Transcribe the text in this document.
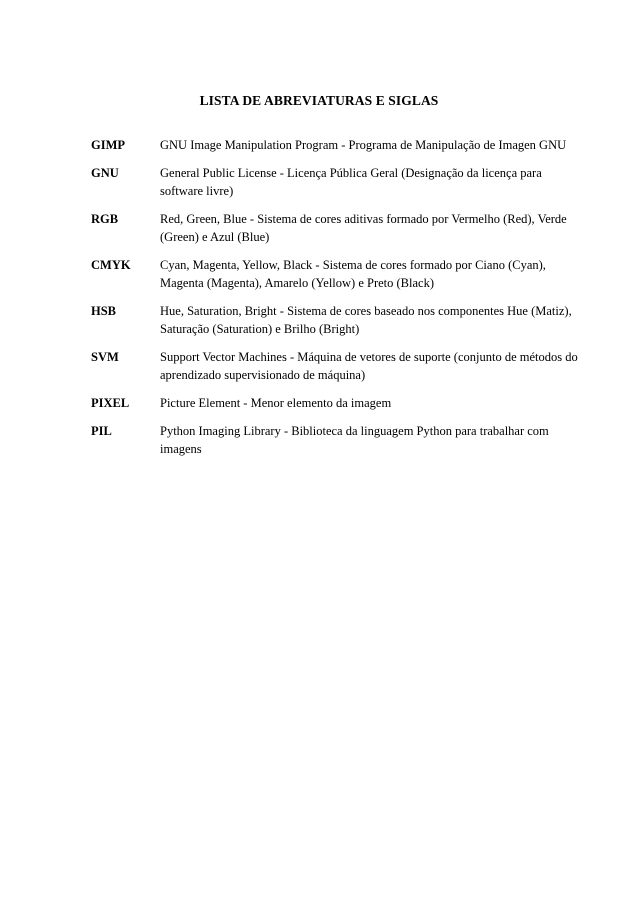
LISTA DE ABREVIATURAS E SIGLAS
GIMP	GNU Image Manipulation Program - Programa de Manipulação de Imagen GNU
GNU	General Public License - Licença Pública Geral (Designação da licença para software livre)
RGB	Red, Green, Blue - Sistema de cores aditivas formado por Vermelho (Red), Verde (Green) e Azul (Blue)
CMYK	Cyan, Magenta, Yellow, Black - Sistema de cores formado por Ciano (Cyan), Magenta (Magenta), Amarelo (Yellow) e Preto (Black)
HSB	Hue, Saturation, Bright - Sistema de cores baseado nos componentes Hue (Matiz), Saturação (Saturation) e Brilho (Bright)
SVM	Support Vector Machines - Máquina de vetores de suporte (conjunto de métodos do aprendizado supervisionado de máquina)
PIXEL	Picture Element - Menor elemento da imagem
PIL	Python Imaging Library - Biblioteca da linguagem Python para trabalhar com imagens
